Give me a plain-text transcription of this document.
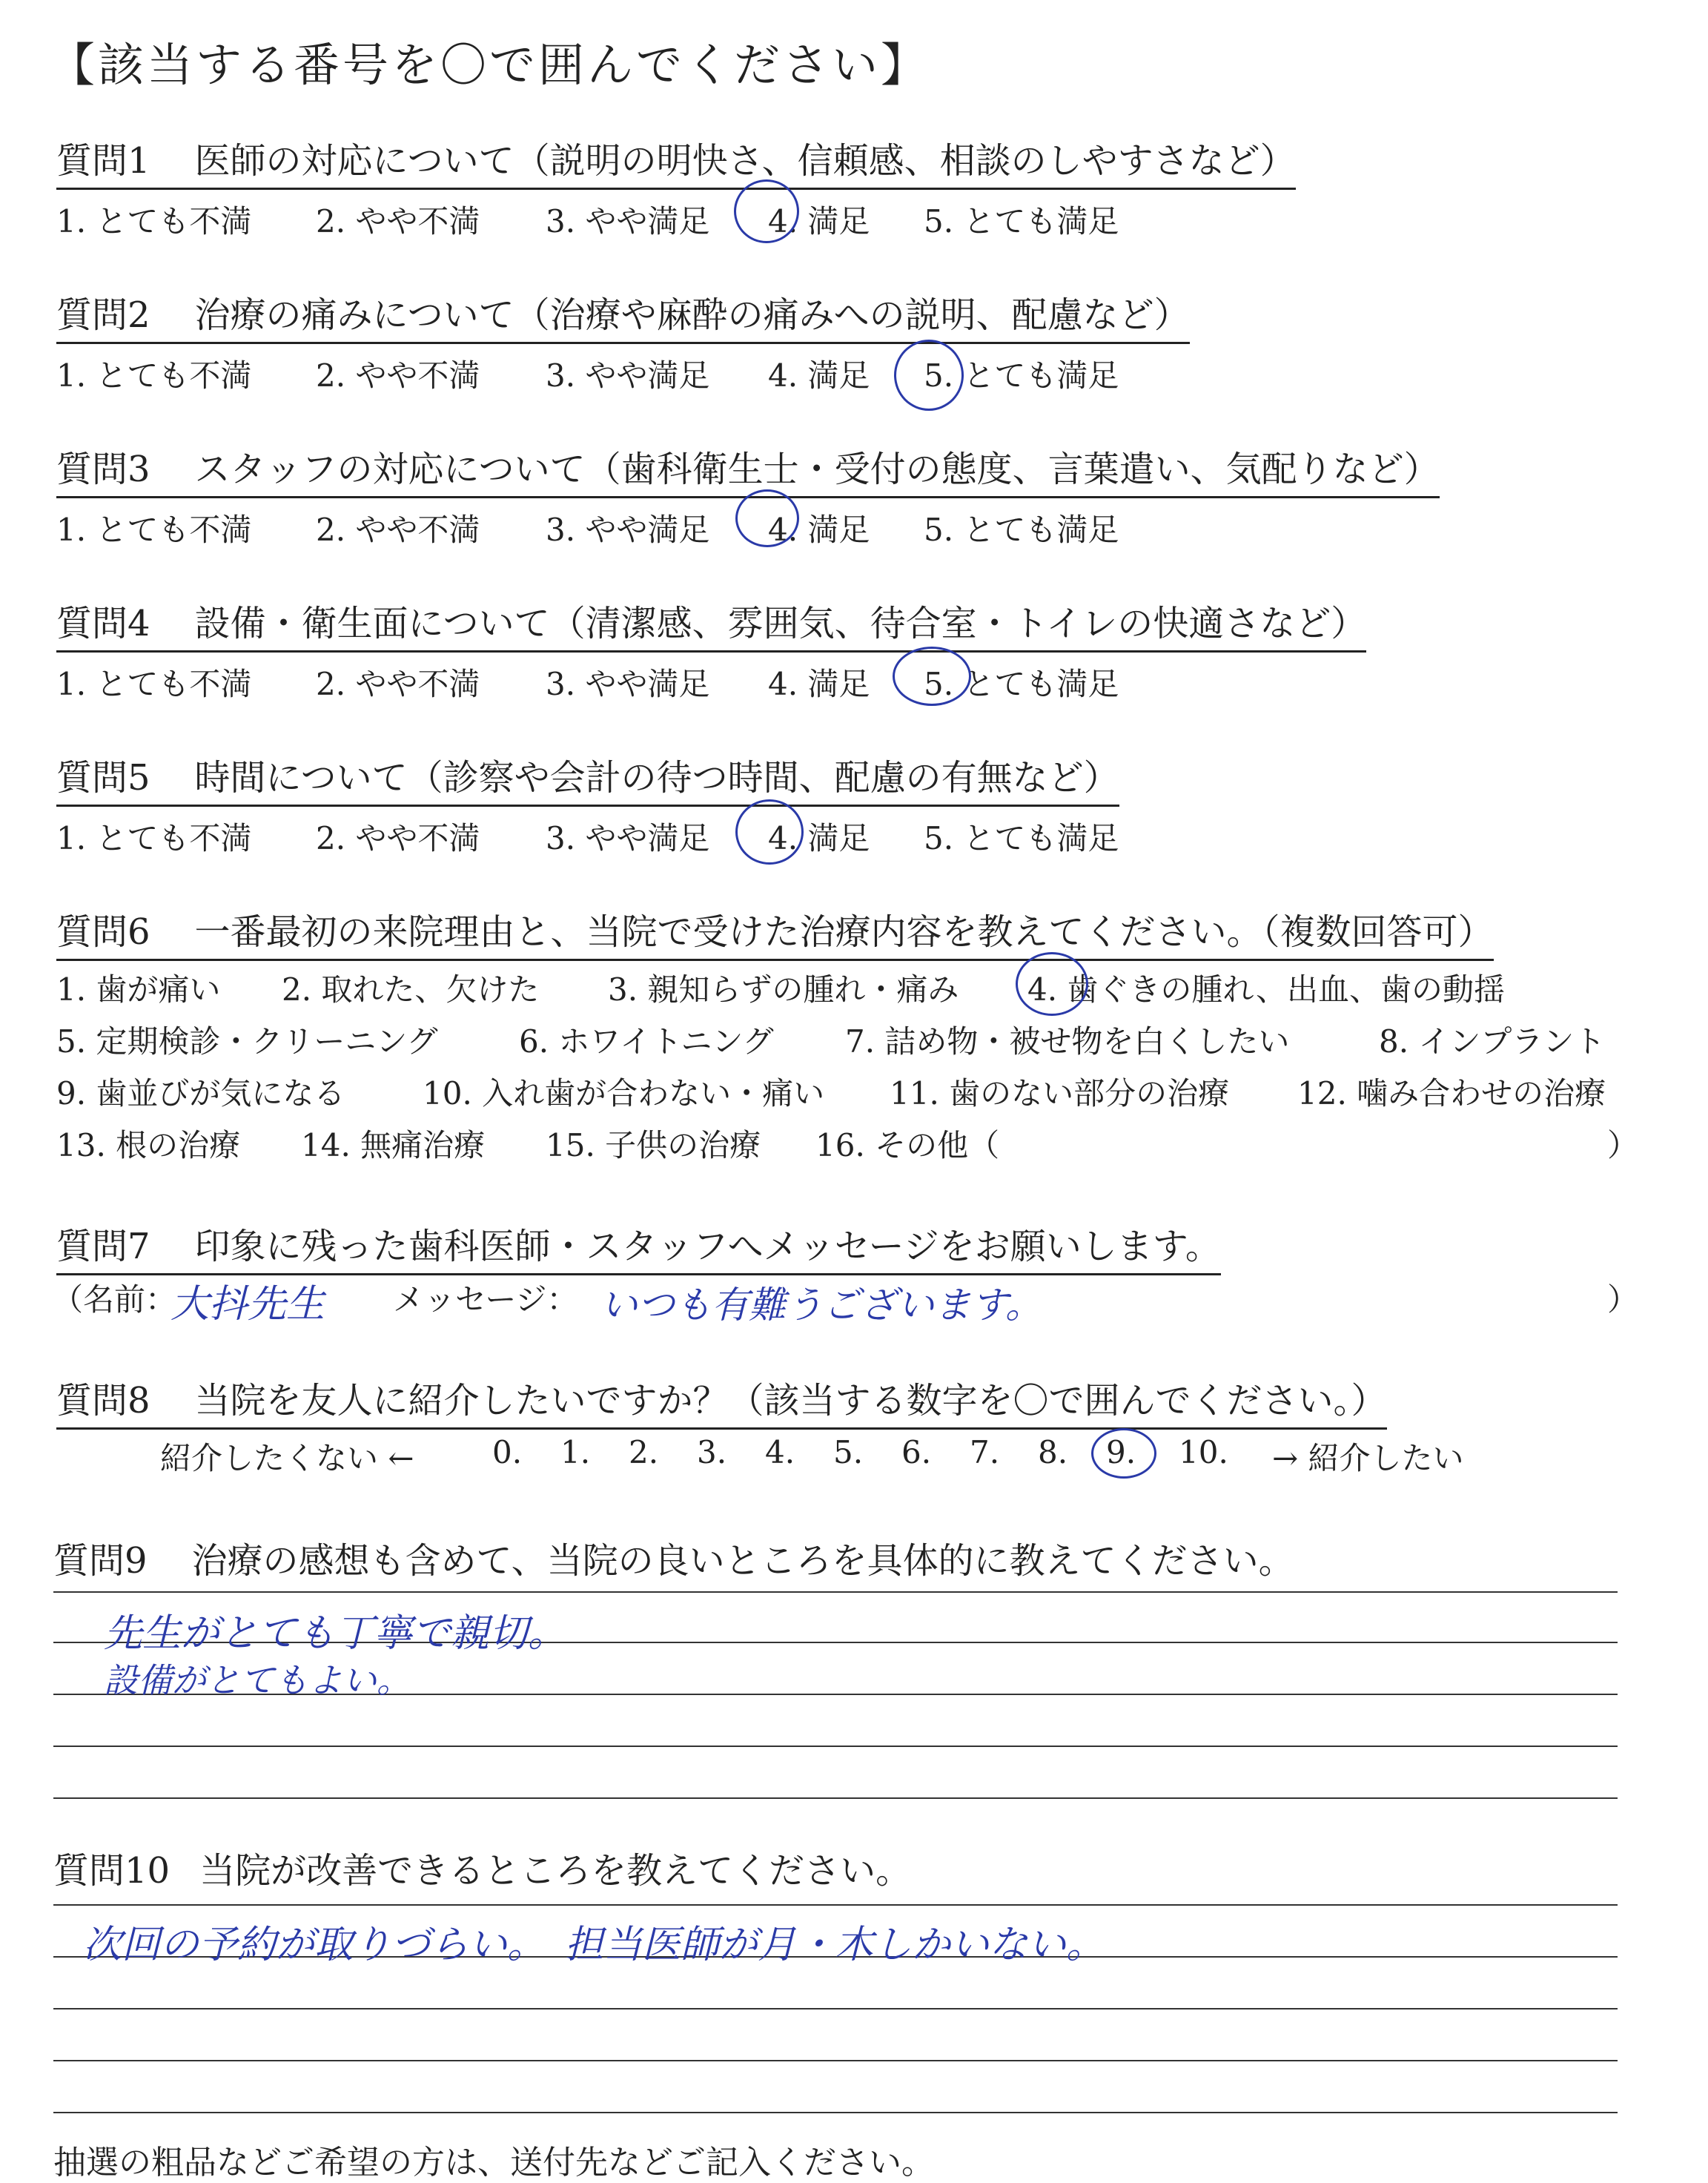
【該当する番号を〇で囲んでください】
質問1 医師の対応について（説明の明快さ、信頼感、相談のしやすさなど）
1. とても不満 2. やや不満 3. やや満足 4. 満足 5. とても満足
質問2 治療の痛みについて（治療や麻酔の痛みへの説明、配慮など）
1. とても不満 2. やや不満 3. やや満足 4. 満足 5. とても満足
質問3 スタッフの対応について（歯科衛生士・受付の態度、言葉遣い、気配りなど）
1. とても不満 2. やや不満 3. やや満足 4. 満足 5. とても満足
質問4 設備・衛生面について（清潔感、雰囲気、待合室・トイレの快適さなど）
1. とても不満 2. やや不満 3. やや満足 4. 満足 5. とても満足
質問5 時間について（診察や会計の待つ時間、配慮の有無など）
1. とても不満 2. やや不満 3. やや満足 4. 満足 5. とても満足
質問6 一番最初の来院理由と、当院で受けた治療内容を教えてください。（複数回答可）
1. 歯が痛い 2. 取れた、欠けた 3. 親知らずの腫れ・痛み 4. 歯ぐきの腫れ、出血、歯の動揺
5. 定期検診・クリーニング	6. ホワイトニング 7. 詰め物・被せ物を白くしたい	8. インプラント
9. 歯並びが気になる 10. 入れ歯が合わない・痛い 11. 歯のない部分の治療 12. 噛み合わせの治療
13. 根の治療 14. 無痛治療 15. 子供の治療 16. その他（	）
質問7 印象に残った歯科医師・スタッフへメッセージをお願いします。
（名前：
大抖先生 メッセージ： いつも有難うございます。	）
質問8 当院を友人に紹介したいですか？（該当する数字を〇で囲んでください。）
紹介したくない ←	0. 1. 2. 3. 4. 5. 6. 7. 8. 9. 10. → 紹介したい
質問9 治療の感想も含めて、当院の良いところを具体的に教えてください。
先生がとても丁寧で親切。
設備がとてもよい。
質問10 当院が改善できるところを教えてください。
次回の予約が取りづらい。　担当医師が月・木しかいない。
抽選の粗品などご希望の方は、送付先などご記入ください。
